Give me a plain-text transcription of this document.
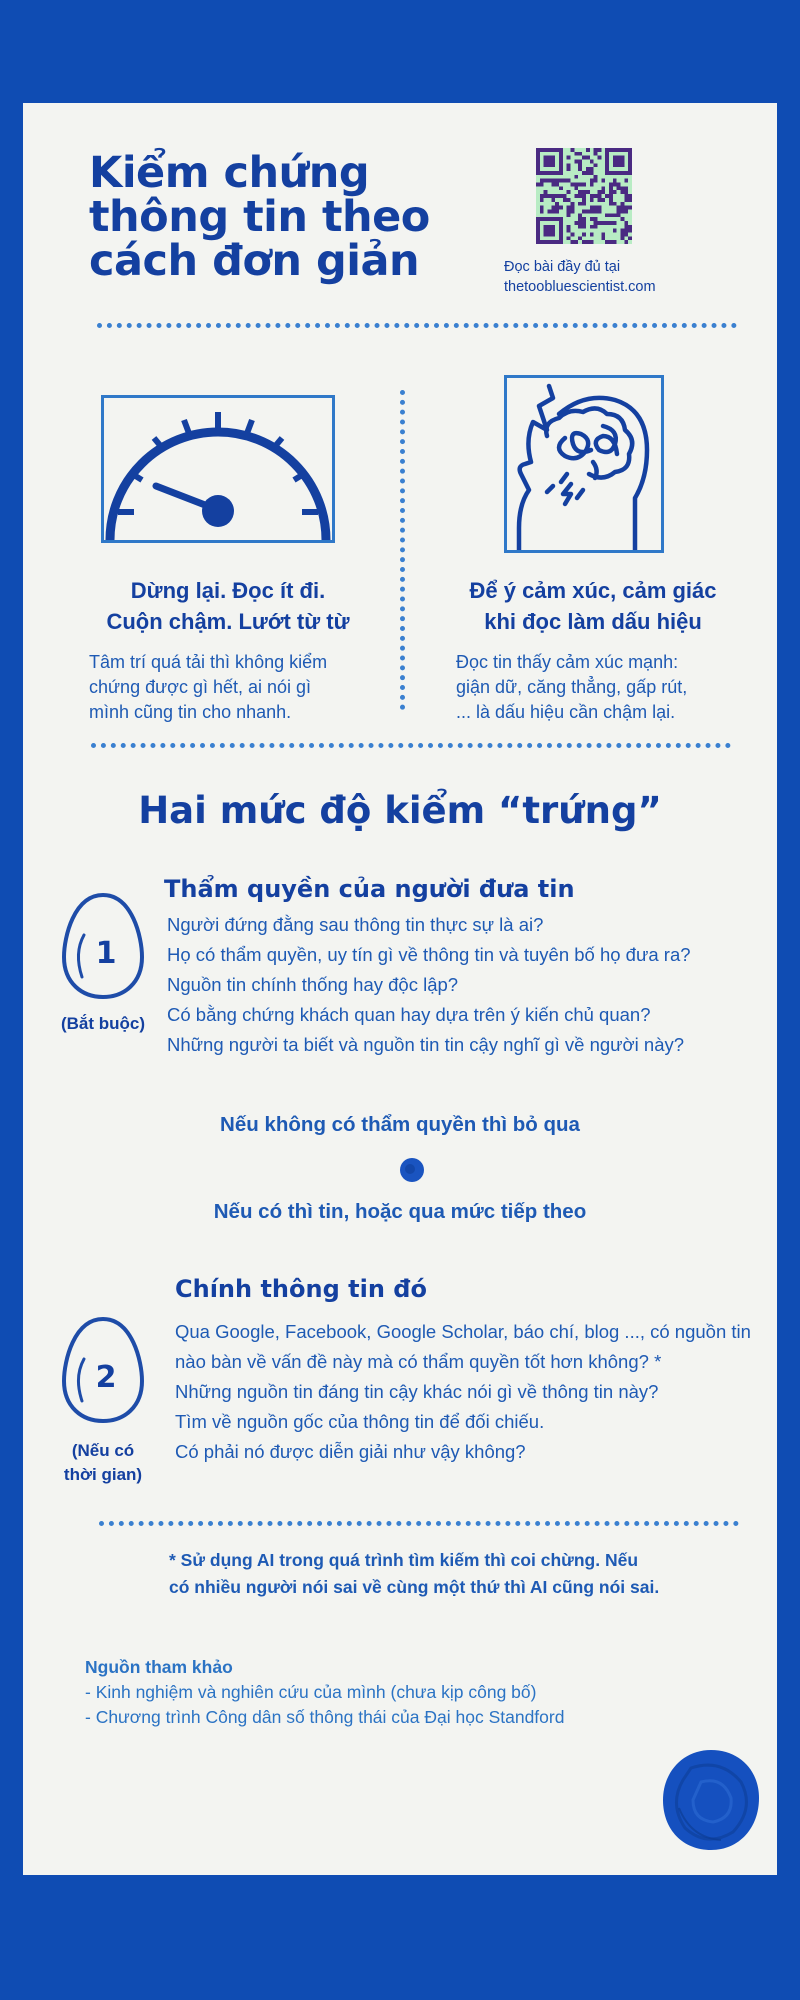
Kiểm chứng
thông tin theo
cách đơn giản	Đọc bài đầy đủ tại
thetoobluescientist.com
Dừng lại. Đọc ít đi.
Cuộn chậm. Lướt từ từ
Tâm trí quá tải thì không kiểm
chứng được gì hết, ai nói gì
mình cũng tin cho nhanh.
Để ý cảm xúc, cảm giác
khi đọc làm dấu hiệu
Đọc tin thấy cảm xúc mạnh:
giận dữ, căng thẳng, gấp rút,
... là dấu hiệu cần chậm lại.
Hai mức độ kiểm “trứng”
1
(Bắt buộc)
Thẩm quyền của người đưa tin
Người đứng đằng sau thông tin thực sự là ai?
Họ có thẩm quyền, uy tín gì về thông tin và tuyên bố họ đưa ra?
Nguồn tin chính thống hay độc lập?
Có bằng chứng khách quan hay dựa trên ý kiến chủ quan?
Những người ta biết và nguồn tin tin cậy nghĩ gì về người này?
Nếu không có thẩm quyền thì bỏ qua
Nếu có thì tin, hoặc qua mức tiếp theo
2
(Nếu có
thời gian)
Chính thông tin đó
Qua Google, Facebook, Google Scholar, báo chí, blog ..., có nguồn tin nào bàn về vấn đề này mà có thẩm quyền tốt hơn không? *
Những nguồn tin đáng tin cậy khác nói gì về thông tin này?
Tìm về nguồn gốc của thông tin để đối chiếu.
Có phải nó được diễn giải như vậy không?
* Sử dụng AI trong quá trình tìm kiếm thì coi chừng. Nếu
có nhiều người nói sai về cùng một thứ thì AI cũng nói sai.
Nguồn tham khảo
- Kinh nghiệm và nghiên cứu của mình (chưa kịp công bố)
- Chương trình Công dân số thông thái của Đại học Standford
